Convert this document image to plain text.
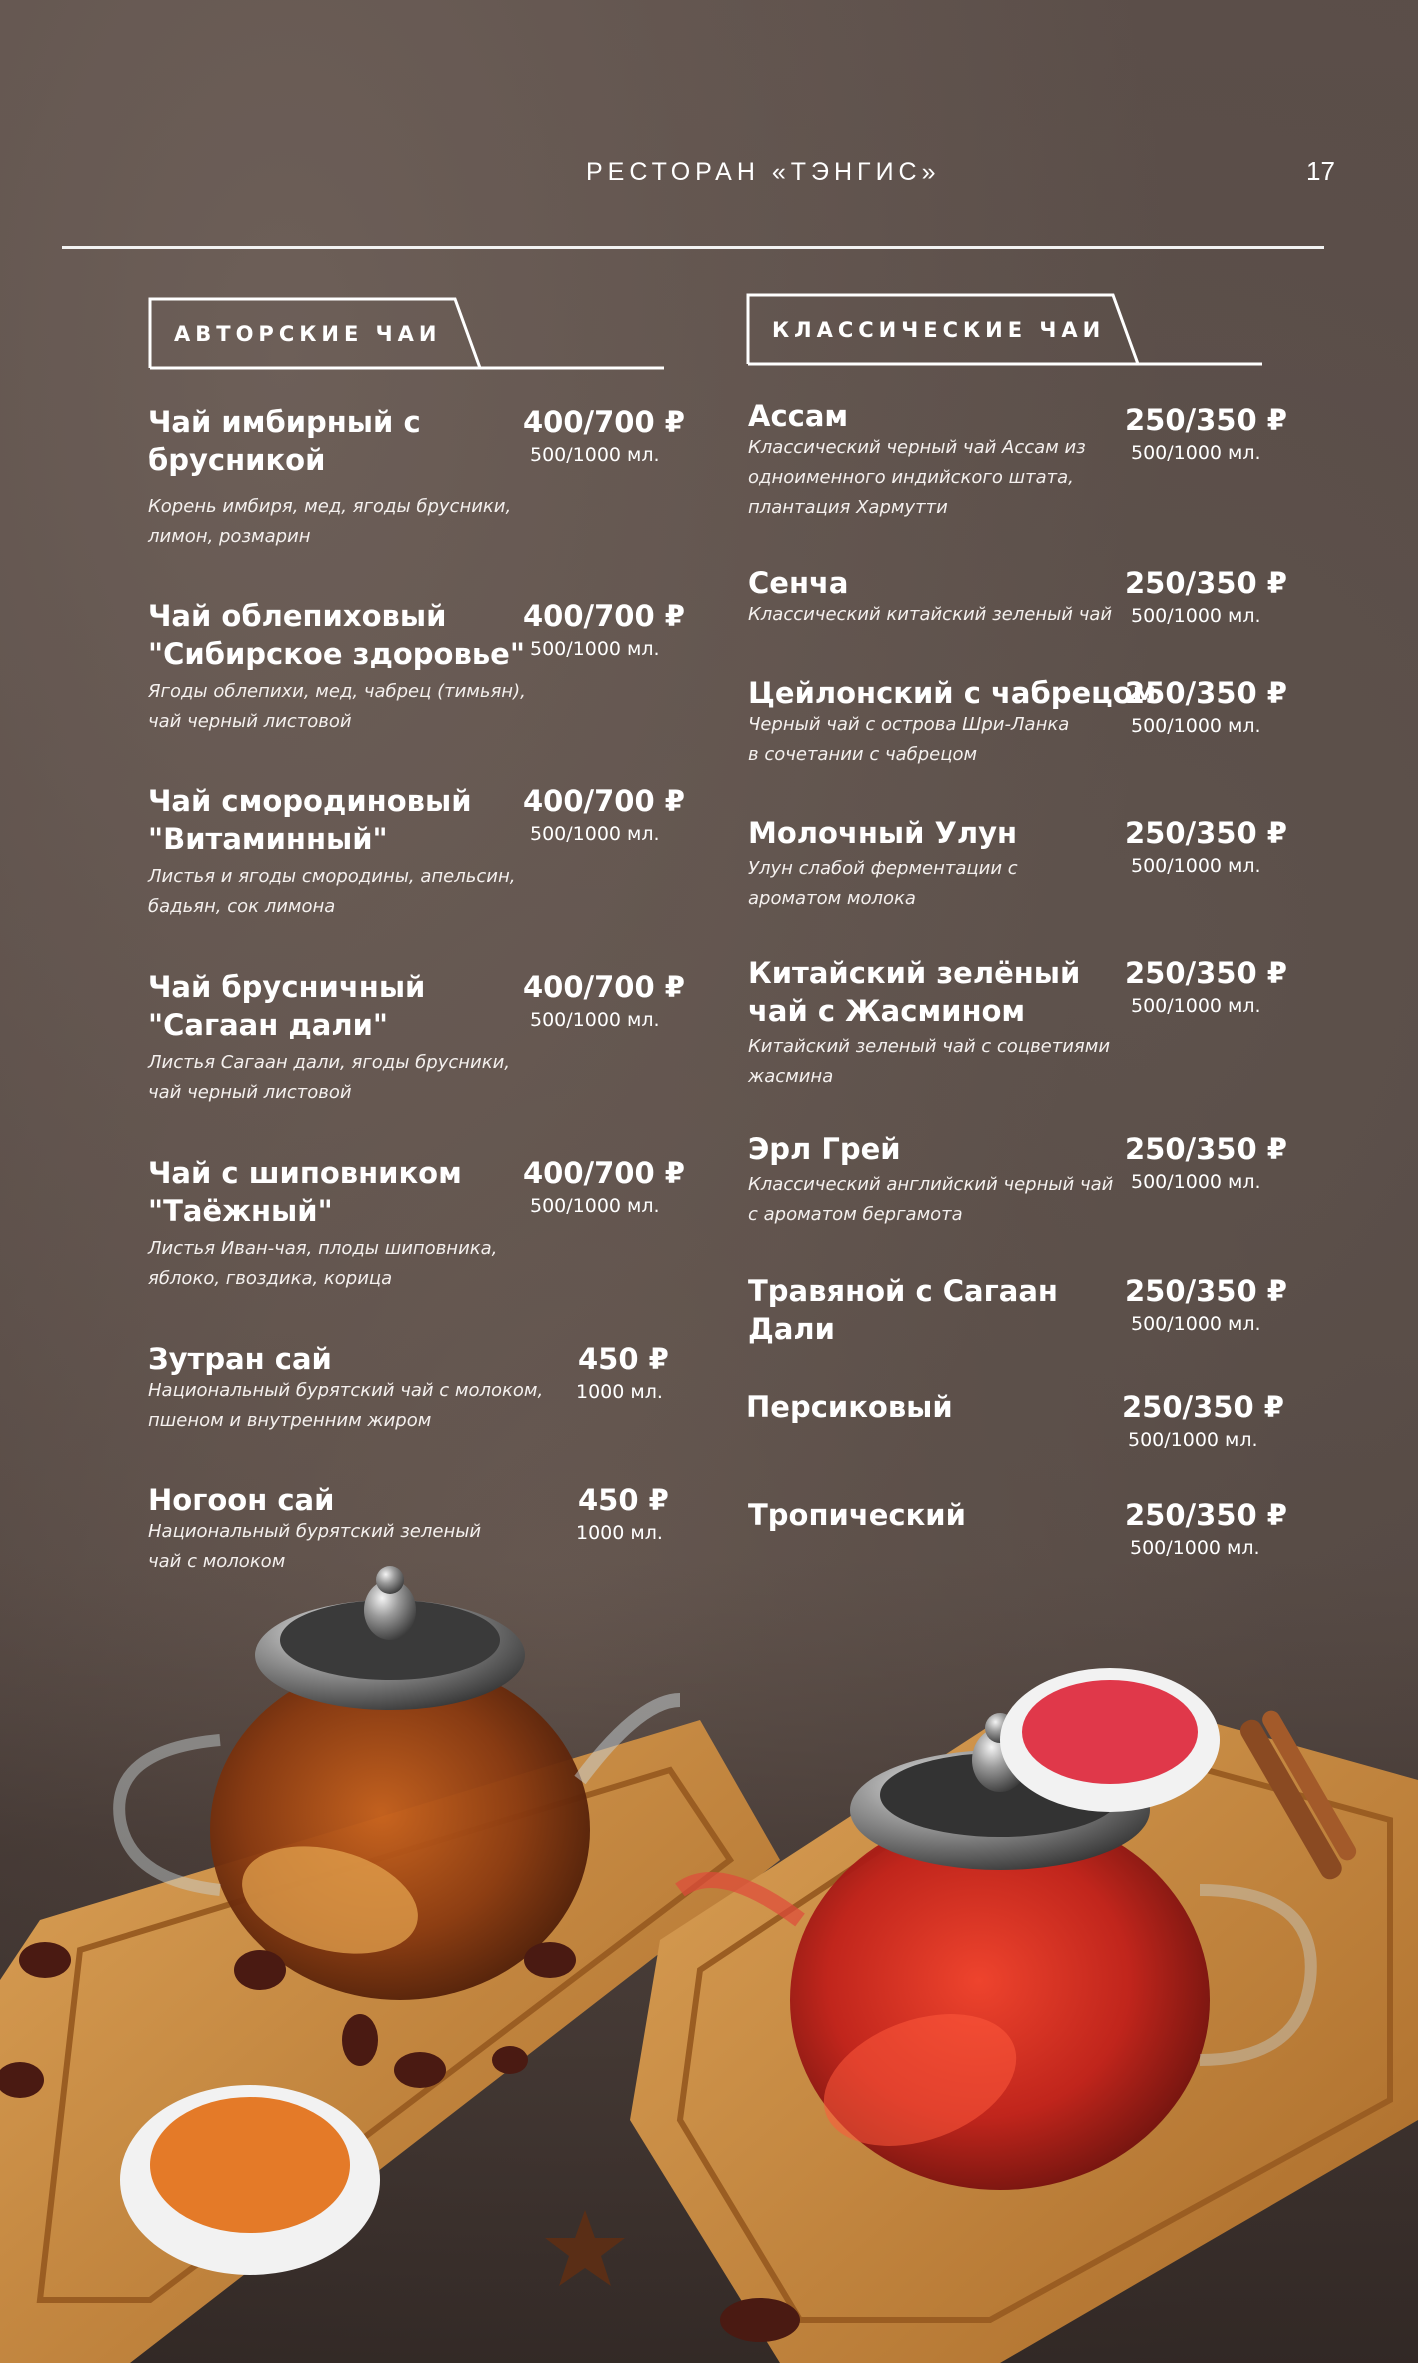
РЕСТОРАН «ТЭНГИС»	17
АВТОРСКИЕ ЧАИ	КЛАССИЧЕСКИЕ ЧАИ
Чай имбирный с
брусникой
400/700 ₽
500/1000 мл.
Корень имбиря, мед, ягоды брусники,
лимон, розмарин
Чай облепиховый
"Сибирское здоровье"
400/700 ₽
500/1000 мл.
Ягоды облепихи, мед, чабрец (тимьян),
чай черный листовой
Чай смородиновый
"Витаминный"
400/700 ₽
500/1000 мл.
Листья и ягоды смородины, апельсин,
бадьян, сок лимона
Чай брусничный
"Сагаан дали"
400/700 ₽
500/1000 мл.
Листья Сагаан дали, ягоды брусники,
чай черный листовой
Чай с шиповником
"Таёжный"
400/700 ₽
500/1000 мл.
Листья Иван-чая, плоды шиповника,
яблоко, гвоздика, корица
Зутран сай	450 ₽
1000 мл.
Национальный бурятский чай с молоком,
пшеном и внутренним жиром
Ногоон сай	450 ₽
1000 мл.
Национальный бурятский зеленый

Ассам	250/350 ₽
500/1000 мл.
Классический черный чай Ассам из
одноименного индийского штата,
плантация Хармутти
Сенча	250/350 ₽
500/1000 мл.
Классический китайский зеленый чай
Цейлонский с чабрецом
250/350 ₽
500/1000 мл.
Черный чай с острова Шри-Ланка
в сочетании с чабрецом
Молочный Улун	250/350 ₽
500/1000 мл.
Улун слабой ферментации с
ароматом молока
Китайский зелёный
чай с Жасмином
250/350 ₽
500/1000 мл.
Китайский зеленый чай с соцветиями
жасмина
Эрл Грей	250/350 ₽
500/1000 мл.
Классический английский черный чай
с ароматом бергамота
Травяной с Сагаан
Дали
250/350 ₽
500/1000 мл.
Персиковый	250/350 ₽
500/1000 мл.
Тропический	250/350 ₽
500/1000 мл.
